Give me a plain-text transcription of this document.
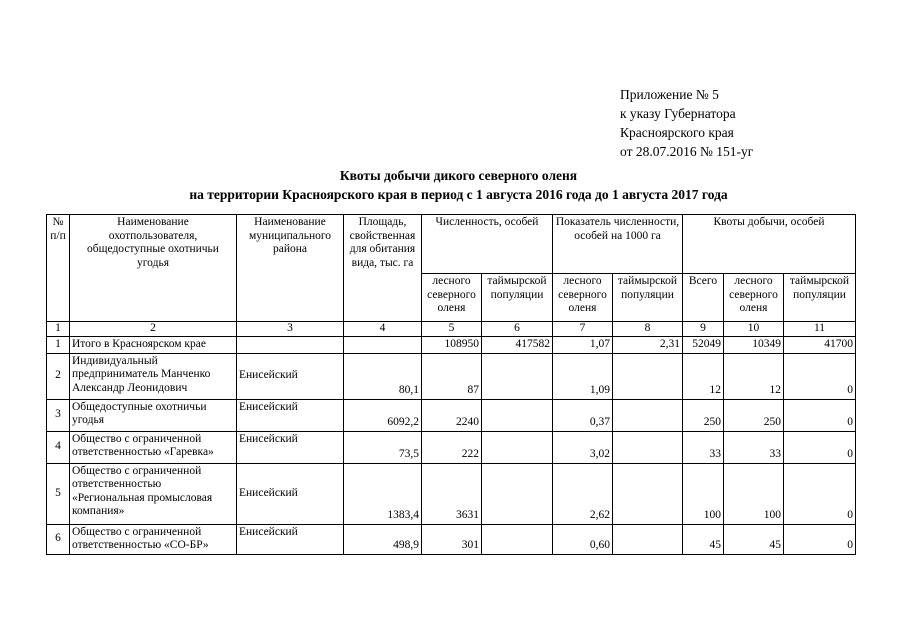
Приложение № 5
к указу Губернатора
Красноярского края
от 28.07.2016 № 151-уг
Квоты добычи дикого северного оленя
на территории Красноярского края в период с 1 августа 2016 года до 1 августа 2017 года
№ п/п	Наименование охотпользователя, общедоступные охотничьи угодья	Наименование муниципального района	Площадь, свойственная для обитания вида, тыс. га	Численность, особей		Показатель численности, особей на 1000 га		Квоты добычи, особей		
				лесного северного оленя	таймырской популяции	лесного северного оленя	таймырской популяции	Всего	лесного северного оленя	таймырской популяции
1	2	3	4	5	6	7	8	9	10	11
1	Итого в Красноярском крае			108950	417582	1,07	2,31	52049	10349	41700
2	Индивидуальный предприниматель Манченко Александр Леонидович	Енисейский	80,1	87		1,09		12	12	0
3	Общедоступные охотничьи угодья	Енисейский	6092,2	2240		0,37		250	250	0
4	Общество с ограниченной ответственностью «Гаревка»	Енисейский	73,5	222		3,02		33	33	0
5	Общество с ограниченной ответственностью «Региональная промысловая компания»	Енисейский	1383,4	3631		2,62		100	100	0
6	Общество с ограниченной ответственностью «СО-БР»	Енисейский	498,9	301		0,60		45	45	0
